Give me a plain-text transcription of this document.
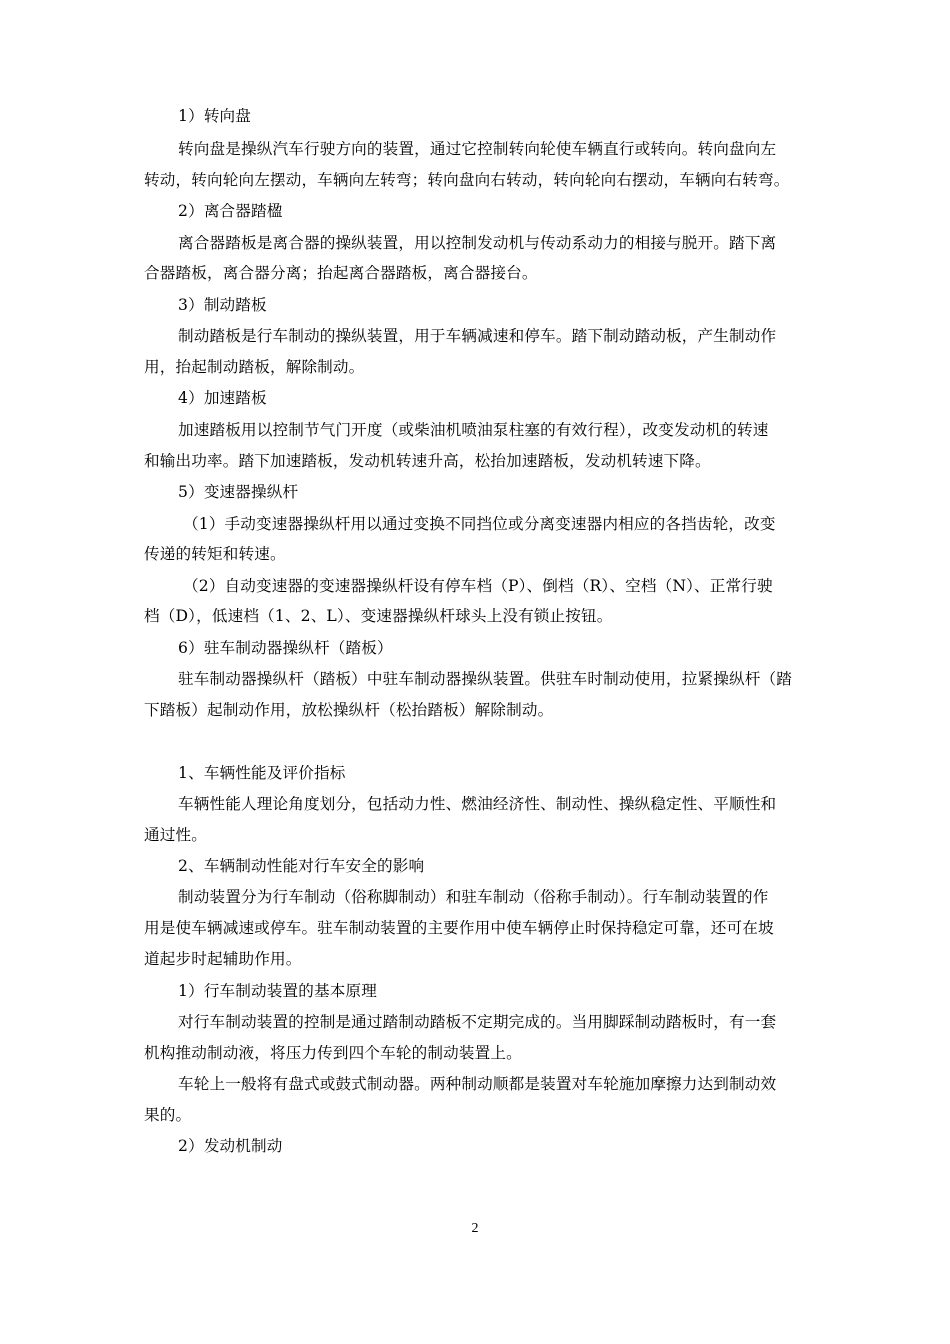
1）转向盘
转向盘是操纵汽车行驶方向的装置，通过它控制转向轮使车辆直行或转向。转向盘向左
转动，转向轮向左摆动，车辆向左转弯；转向盘向右转动，转向轮向右摆动，车辆向右转弯。
2）离合器踏楹
离合器踏板是离合器的操纵装置，用以控制发动机与传动系动力的相接与脱开。踏下离
合器踏板，离合器分离；抬起离合器踏板，离合器接台。
3）制动踏板
制动踏板是行车制动的操纵装置，用于车辆减速和停车。踏下制动踏动板，产生制动作
用，抬起制动踏板，解除制动。
4）加速踏板
加速踏板用以控制节气门开度（或柴油机喷油泵柱塞的有效行程），改变发动机的转速
和输出功率。踏下加速踏板，发动机转速升高，松抬加速踏板，发动机转速下降。
5）变速器操纵杆
（1）手动变速器操纵杆用以通过变换不同挡位或分离变速器内相应的各挡齿轮，改变
传递的转矩和转速。
（2）自动变速器的变速器操纵杆设有停车档（P）、倒档（R）、空档（N）、正常行驶
档（D），低速档（1、2、L）、变速器操纵杆球头上没有锁止按钮。
6）驻车制动器操纵杆（踏板）
驻车制动器操纵杆（踏板）中驻车制动器操纵装置。供驻车时制动使用，拉紧操纵杆（踏
下踏板）起制动作用，放松操纵杆（松抬踏板）解除制动。
1、车辆性能及评价指标
车辆性能人理论角度划分，包括动力性、燃油经济性、制动性、操纵稳定性、平顺性和
通过性。
2、车辆制动性能对行车安全的影响
制动装置分为行车制动（俗称脚制动）和驻车制动（俗称手制动）。行车制动装置的作
用是使车辆减速或停车。驻车制动装置的主要作用中使车辆停止时保持稳定可靠，还可在坡
道起步时起辅助作用。
1）行车制动装置的基本原理
对行车制动装置的控制是通过踏制动踏板不定期完成的。当用脚踩制动踏板时，有一套
机构推动制动液，将压力传到四个车轮的制动装置上。
车轮上一般将有盘式或鼓式制动器。两种制动顺都是装置对车轮施加摩擦力达到制动效
果的。
2）发动机制动
2
